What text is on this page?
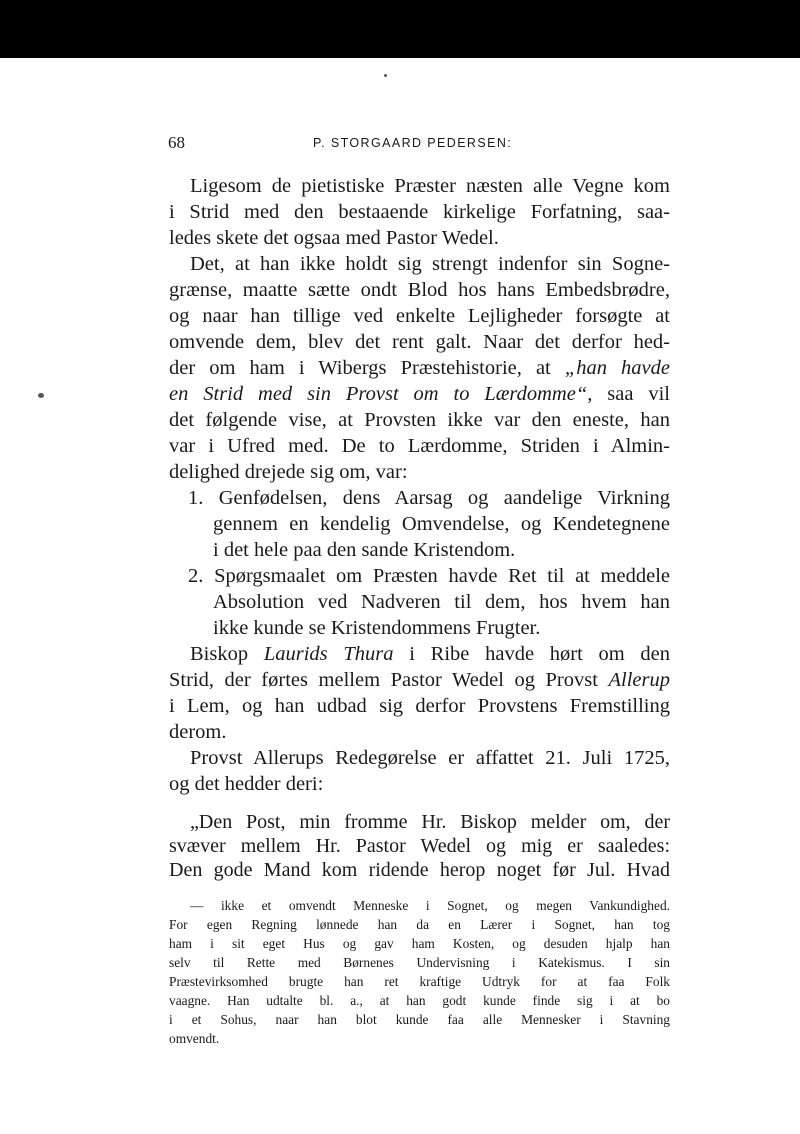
68	P. STORGAARD PEDERSEN:
Ligesom de pietistiske Præster næsten alle Vegne kom
i Strid med den bestaaende kirkelige Forfatning, saa-
ledes skete det ogsaa med Pastor Wedel.
Det, at han ikke holdt sig strengt indenfor sin Sogne-
grænse, maatte sætte ondt Blod hos hans Embedsbrødre,
og naar han tillige ved enkelte Lejligheder forsøgte at
omvende dem, blev det rent galt. Naar det derfor hed-
der om ham i Wibergs Præstehistorie, at „han havde
en Strid med sin Provst om to Lærdomme“, saa vil
det følgende vise, at Provsten ikke var den eneste, han
var i Ufred med. De to Lærdomme, Striden i Almin-
delighed drejede sig om, var:
1. Genfødelsen, dens Aarsag og aandelige Virkning
gennem en kendelig Omvendelse, og Kendetegnene
i det hele paa den sande Kristendom.
2. Spørgsmaalet om Præsten havde Ret til at meddele
Absolution ved Nadveren til dem, hos hvem han
ikke kunde se Kristendommens Frugter.
Biskop Laurids Thura i Ribe havde hørt om den
Strid, der førtes mellem Pastor Wedel og Provst Allerup
i Lem, og han udbad sig derfor Provstens Fremstilling
derom.
Provst Allerups Redegørelse er affattet 21. Juli 1725,
og det hedder deri:
„Den Post, min fromme Hr. Biskop melder om, der
svæver mellem Hr. Pastor Wedel og mig er saaledes:
Den gode Mand kom ridende herop noget før Jul. Hvad
— ikke et omvendt Menneske i Sognet, og megen Vankundighed.
For egen Regning lønnede han da en Lærer i Sognet, han tog
ham i sit eget Hus og gav ham Kosten, og desuden hjalp han
selv til Rette med Børnenes Undervisning i Katekismus. I sin
Præstevirksomhed brugte han ret kraftige Udtryk for at faa Folk
vaagne. Han udtalte bl. a., at han godt kunde finde sig i at bo
i et Sohus, naar han blot kunde faa alle Mennesker i Stavning
omvendt.
